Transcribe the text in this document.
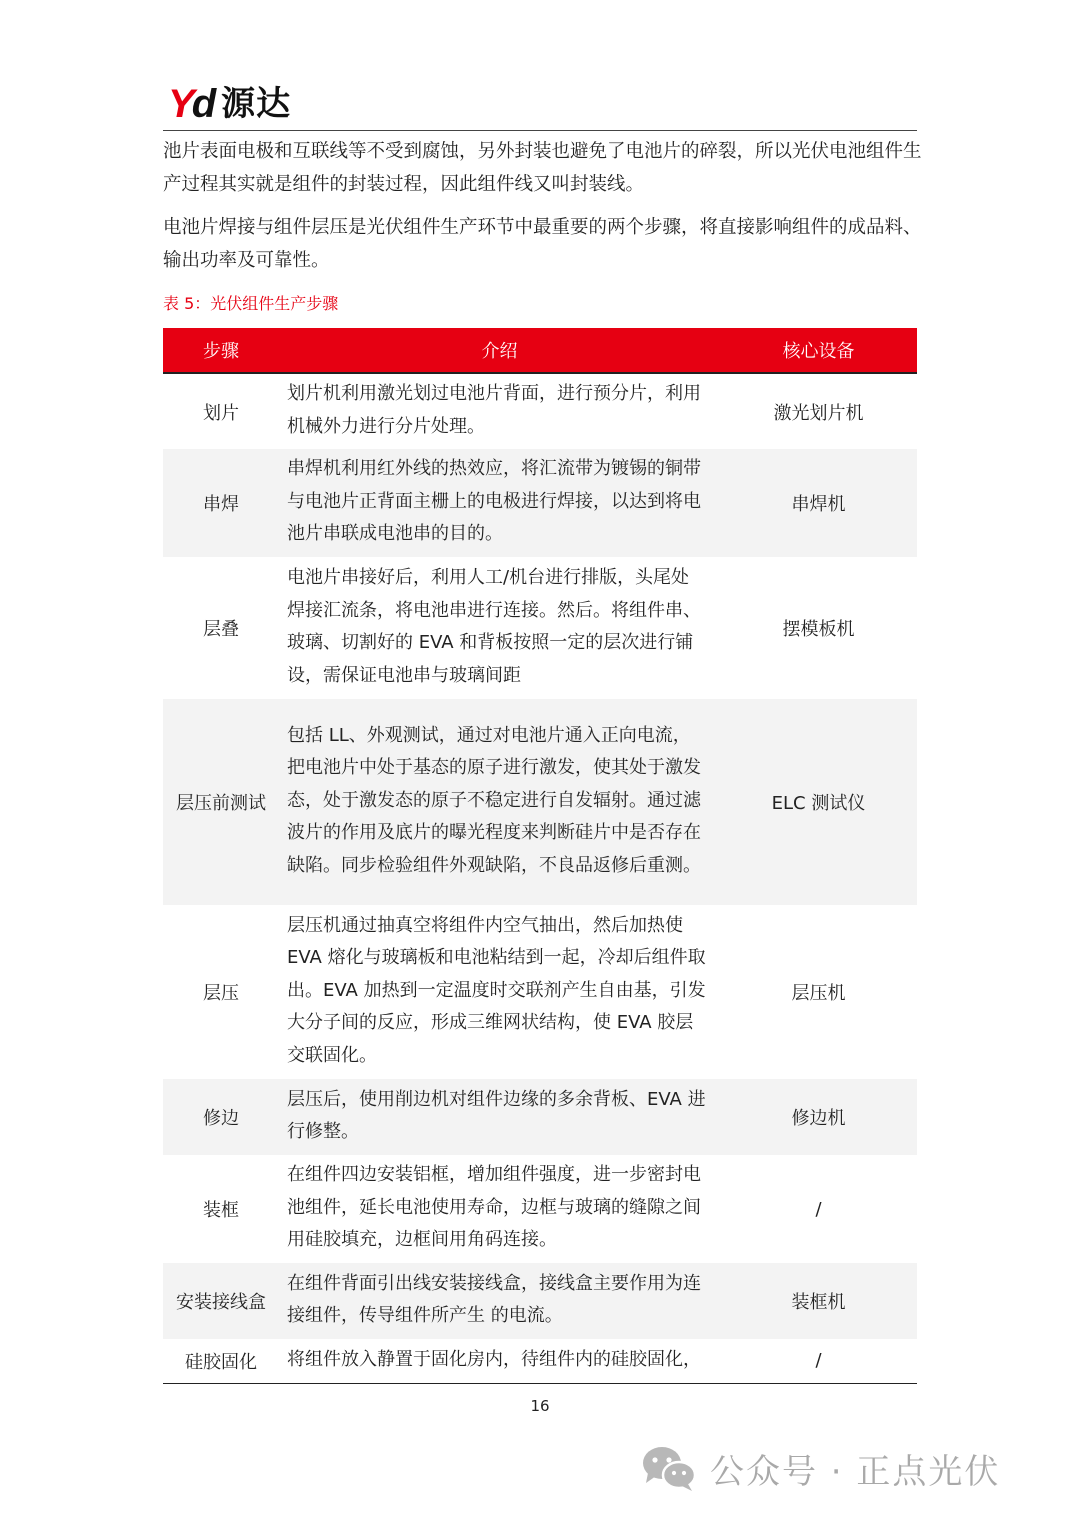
Yd 源达

池片表面电极和互联线等不受到腐蚀，另外封装也避免了电池片的碎裂，所以光伏电池组件生产过程其实就是组件的封装过程，因此组件线又叫封装线。

电池片焊接与组件层压是光伏组件生产环节中最重要的两个步骤，将直接影响组件的成品料、输出功率及可靠性。

表 5：光伏组件生产步骤
步骤	介绍	核心设备
划片	划片机利用激光划过电池片背面，进行预分片，利用机械外力进行分片处理。	激光划片机
串焊	串焊机利用红外线的热效应，将汇流带为镀锡的铜带与电池片正背面主栅上的电极进行焊接，以达到将电池片串联成电池串的目的。	串焊机
层叠	电池片串接好后，利用人工/机台进行排版，头尾处焊接汇流条，将电池串进行连接。然后。将组件串、玻璃、切割好的 EVA 和背板按照一定的层次进行铺设，需保证电池串与玻璃间距	摆模板机
层压前测试	包括 LL、外观测试，通过对电池片通入正向电流，把电池片中处于基态的原子进行激发，使其处于激发态，处于激发态的原子不稳定进行自发辐射。通过滤波片的作用及底片的曝光程度来判断硅片中是否存在缺陷。同步检验组件外观缺陷，不良品返修后重测。	ELC 测试仪
层压	层压机通过抽真空将组件内空气抽出，然后加热使 EVA 熔化与玻璃板和电池粘结到一起，冷却后组件取出。EVA 加热到一定温度时交联剂产生自由基，引发大分子间的反应，形成三维网状结构，使 EVA 胶层交联固化。	层压机
修边	层压后，使用削边机对组件边缘的多余背板、EVA 进行修整。	修边机
装框	在组件四边安装铝框，增加组件强度，进一步密封电池组件，延长电池使用寿命，边框与玻璃的缝隙之间用硅胶填充，边框间用角码连接。	/
安装接线盒	在组件背面引出线安装接线盒，接线盒主要作用为连接组件，传导组件所产生 的电流。	装框机
硅胶固化	将组件放入静置于固化房内，待组件内的硅胶固化，	/
16
公众号 · 正点光伏
